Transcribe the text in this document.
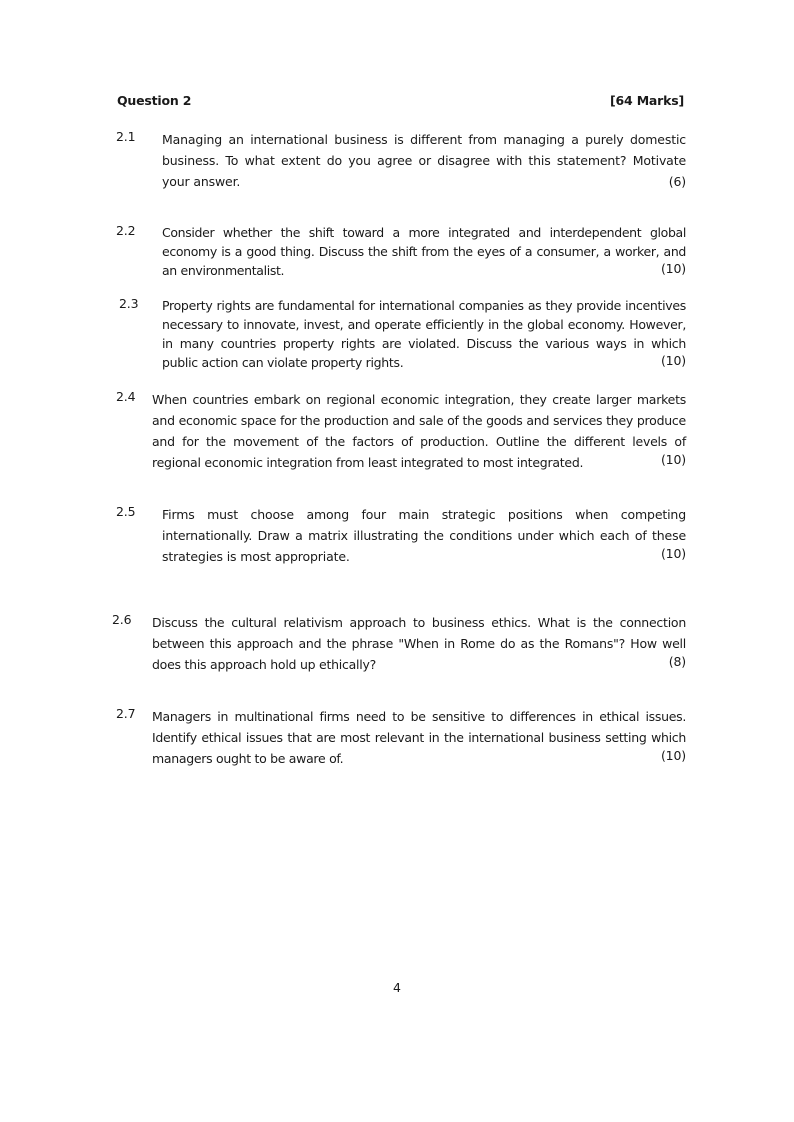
Question 2	[64 Marks]
2.1 Managing an international business is different from managing a purely domestic business. To what extent do you agree or disagree with this statement? Motivate your answer.	(6)
2.2 Consider whether the shift toward a more integrated and interdependent global economy is a good thing. Discuss the shift from the eyes of a consumer, a worker, and an environmentalist.	(10)
2.3 Property rights are fundamental for international companies as they provide incentives necessary to innovate, invest, and operate efficiently in the global economy. However, in many countries property rights are violated. Discuss the various ways in which public action can violate property rights.	(10)
2.4 When countries embark on regional economic integration, they create larger markets and economic space for the production and sale of the goods and services they produce and for the movement of the factors of production. Outline the different levels of regional economic integration from least integrated to most integrated.	(10)
2.5 Firms must choose among four main strategic positions when competing internationally. Draw a matrix illustrating the conditions under which each of these strategies is most appropriate.	(10)
2.6 Discuss the cultural relativism approach to business ethics. What is the connection between this approach and the phrase "When in Rome do as the Romans"? How well does this approach hold up ethically?	(8)
2.7 Managers in multinational firms need to be sensitive to differences in ethical issues. Identify ethical issues that are most relevant in the international business setting which managers ought to be aware of.	(10)
4
